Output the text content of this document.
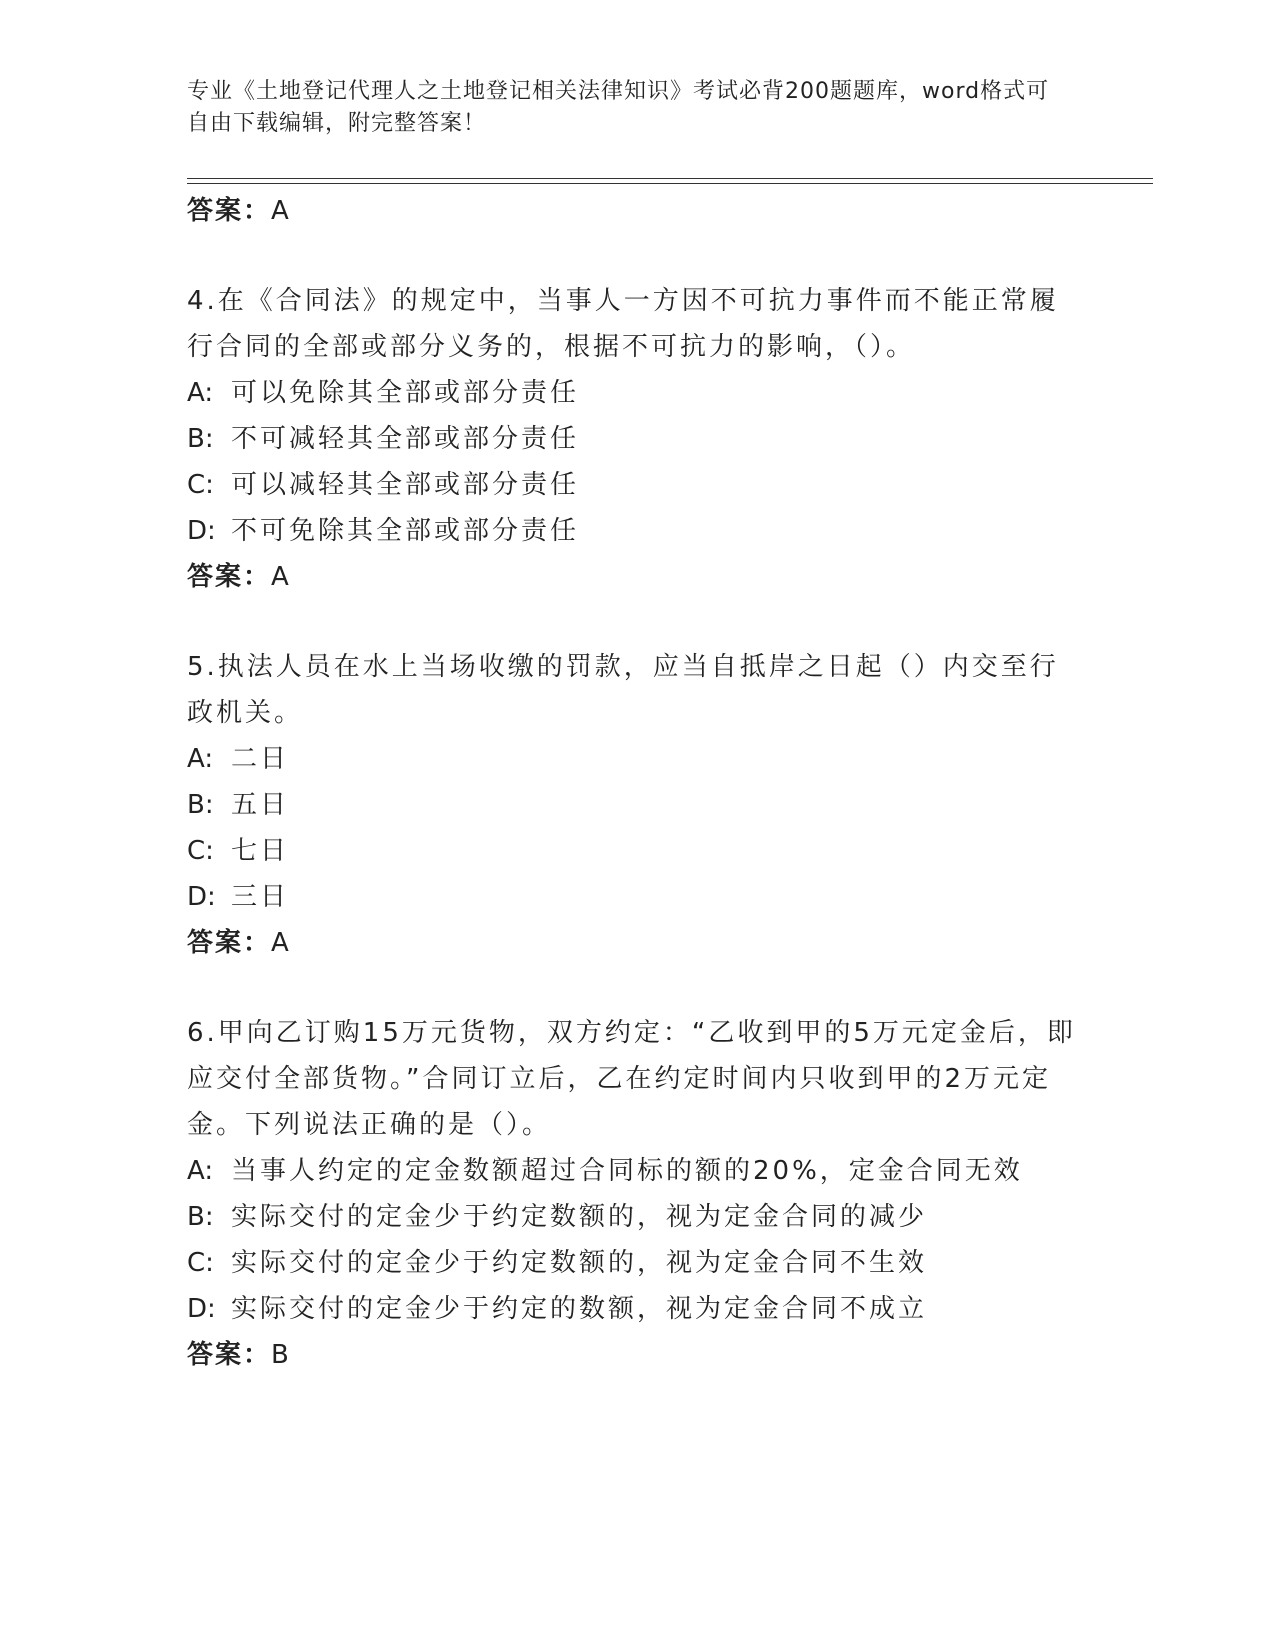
专业《土地登记代理人之土地登记相关法律知识》考试必背200题题库，word格式可自由下载编辑，附完整答案！
答案：A
4.在《合同法》的规定中，当事人一方因不可抗力事件而不能正常履行合同的全部或部分义务的，根据不可抗力的影响，（）。
A: 可以免除其全部或部分责任
B: 不可减轻其全部或部分责任
C: 可以减轻其全部或部分责任
D: 不可免除其全部或部分责任
答案：A
5.执法人员在水上当场收缴的罚款，应当自抵岸之日起（）内交至行政机关。
A: 二日
B: 五日
C: 七日
D: 三日
答案：A
6.甲向乙订购15万元货物，双方约定：“乙收到甲的5万元定金后，即应交付全部货物。”合同订立后，乙在约定时间内只收到甲的2万元定金。下列说法正确的是（）。
A: 当事人约定的定金数额超过合同标的额的20%，定金合同无效
B: 实际交付的定金少于约定数额的，视为定金合同的减少
C: 实际交付的定金少于约定数额的，视为定金合同不生效
D: 实际交付的定金少于约定的数额，视为定金合同不成立
答案：B
